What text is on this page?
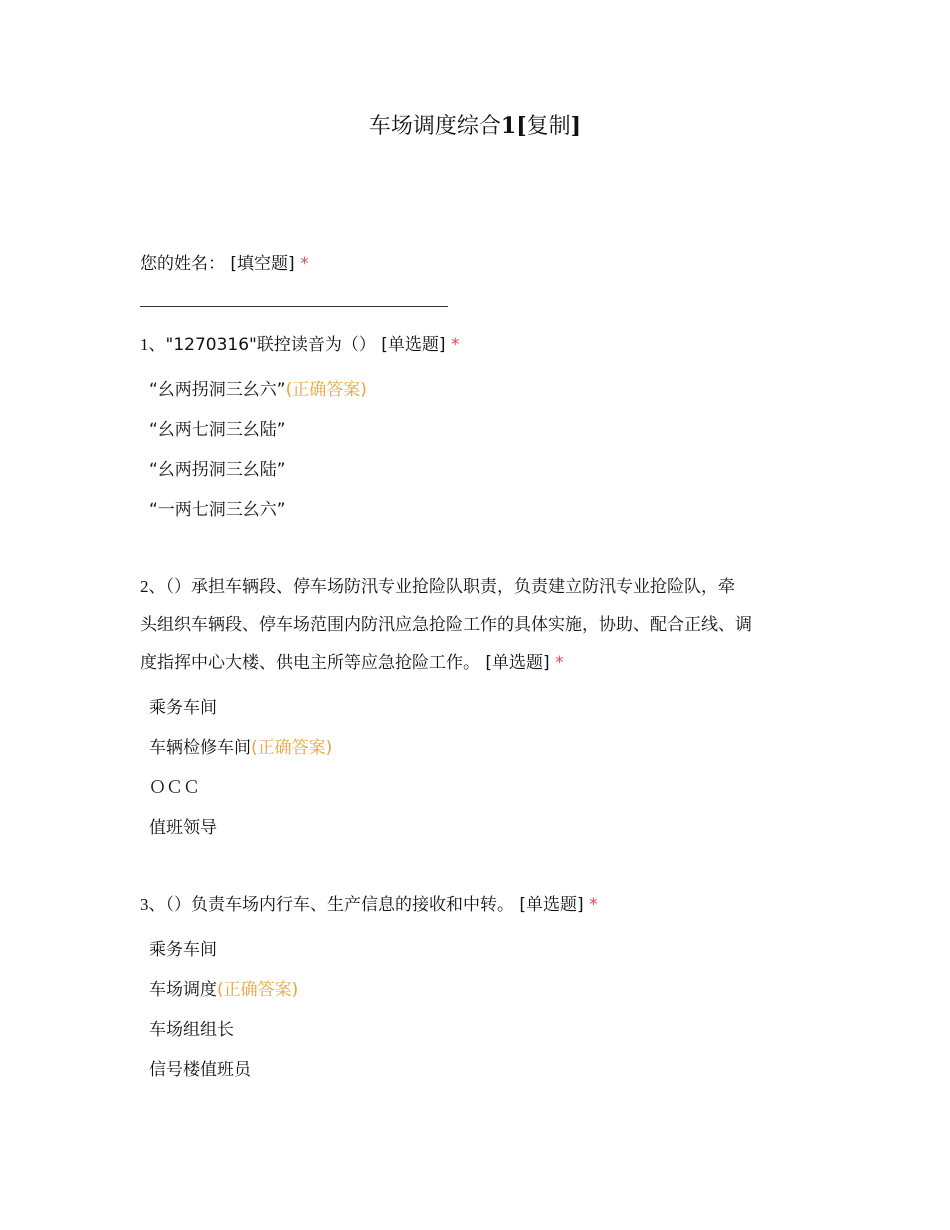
车场调度综合1[复制]
您的姓名： [填空题] *
1、"1270316"联控读音为（） [单选题] *
“幺两拐洞三幺六”(正确答案)
“幺两七洞三幺陆”
“幺两拐洞三幺陆”
“一两七洞三幺六”
2、（）承担车辆段、停车场防汛专业抢险队职责，负责建立防汛专业抢险队，牵
头组织车辆段、停车场范围内防汛应急抢险工作的具体实施，协助、配合正线、调
度指挥中心大楼、供电主所等应急抢险工作。 [单选题] *
乘务车间
车辆检修车间(正确答案)
ＯＣＣ
值班领导
3、（）负责车场内行车、生产信息的接收和中转。 [单选题] *
乘务车间
车场调度(正确答案)
车场组组长
信号楼值班员
